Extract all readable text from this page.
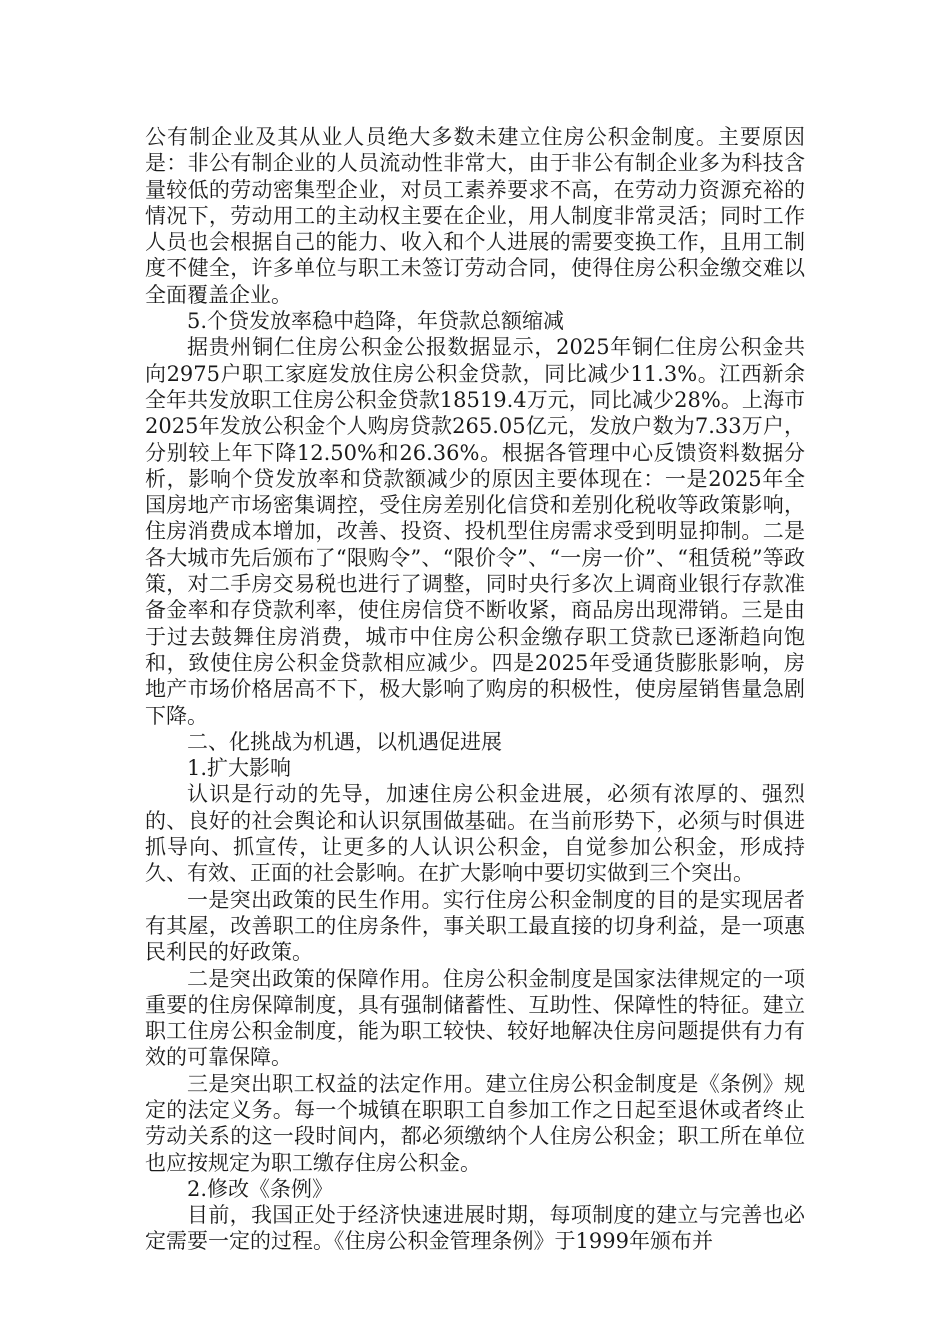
公有制企业及其从业人员绝大多数未建立住房公积金制度。主要原因是：非公有制企业的人员流动性非常大，由于非公有制企业多为科技含量较低的劳动密集型企业，对员工素养要求不高，在劳动力资源充裕的情况下，劳动用工的主动权主要在企业，用人制度非常灵活；同时工作人员也会根据自己的能力、收入和个人进展的需要变换工作，且用工制度不健全，许多单位与职工未签订劳动合同，使得住房公积金缴交难以全面覆盖企业。

5.个贷发放率稳中趋降，年贷款总额缩减

据贵州铜仁住房公积金公报数据显示，2025年铜仁住房公积金共向2975户职工家庭发放住房公积金贷款，同比减少11.3%。江西新余全年共发放职工住房公积金贷款18519.4万元，同比减少28%。上海市2025年发放公积金个人购房贷款265.05亿元，发放户数为7.33万户，分别较上年下降12.50%和26.36%。根据各管理中心反馈资料数据分析，影响个贷发放率和贷款额减少的原因主要体现在：一是2025年全国房地产市场密集调控，受住房差别化信贷和差别化税收等政策影响，住房消费成本增加，改善、投资、投机型住房需求受到明显抑制。二是各大城市先后颁布了“限购令”、“限价令”、“一房一价”、“租赁税”等政策，对二手房交易税也进行了调整，同时央行多次上调商业银行存款准备金率和存贷款利率，使住房信贷不断收紧，商品房出现滞销。三是由于过去鼓舞住房消费，城市中住房公积金缴存职工贷款已逐渐趋向饱和，致使住房公积金贷款相应减少。四是2025年受通货膨胀影响，房地产市场价格居高不下，极大影响了购房的积极性，使房屋销售量急剧下降。

二、化挑战为机遇，以机遇促进展

1.扩大影响

认识是行动的先导，加速住房公积金进展，必须有浓厚的、强烈的、良好的社会舆论和认识氛围做基础。在当前形势下，必须与时俱进抓导向、抓宣传，让更多的人认识公积金，自觉参加公积金，形成持久、有效、正面的社会影响。在扩大影响中要切实做到三个突出。

一是突出政策的民生作用。实行住房公积金制度的目的是实现居者有其屋，改善职工的住房条件，事关职工最直接的切身利益，是一项惠民利民的好政策。

二是突出政策的保障作用。住房公积金制度是国家法律规定的一项重要的住房保障制度，具有强制储蓄性、互助性、保障性的特征。建立职工住房公积金制度，能为职工较快、较好地解决住房问题提供有力有效的可靠保障。

三是突出职工权益的法定作用。建立住房公积金制度是《条例》规定的法定义务。每一个城镇在职职工自参加工作之日起至退休或者终止劳动关系的这一段时间内，都必须缴纳个人住房公积金；职工所在单位也应按规定为职工缴存住房公积金。

2.修改《条例》

目前，我国正处于经济快速进展时期，每项制度的建立与完善也必定需要一定的过程。《住房公积金管理条例》于1999年颁布并
